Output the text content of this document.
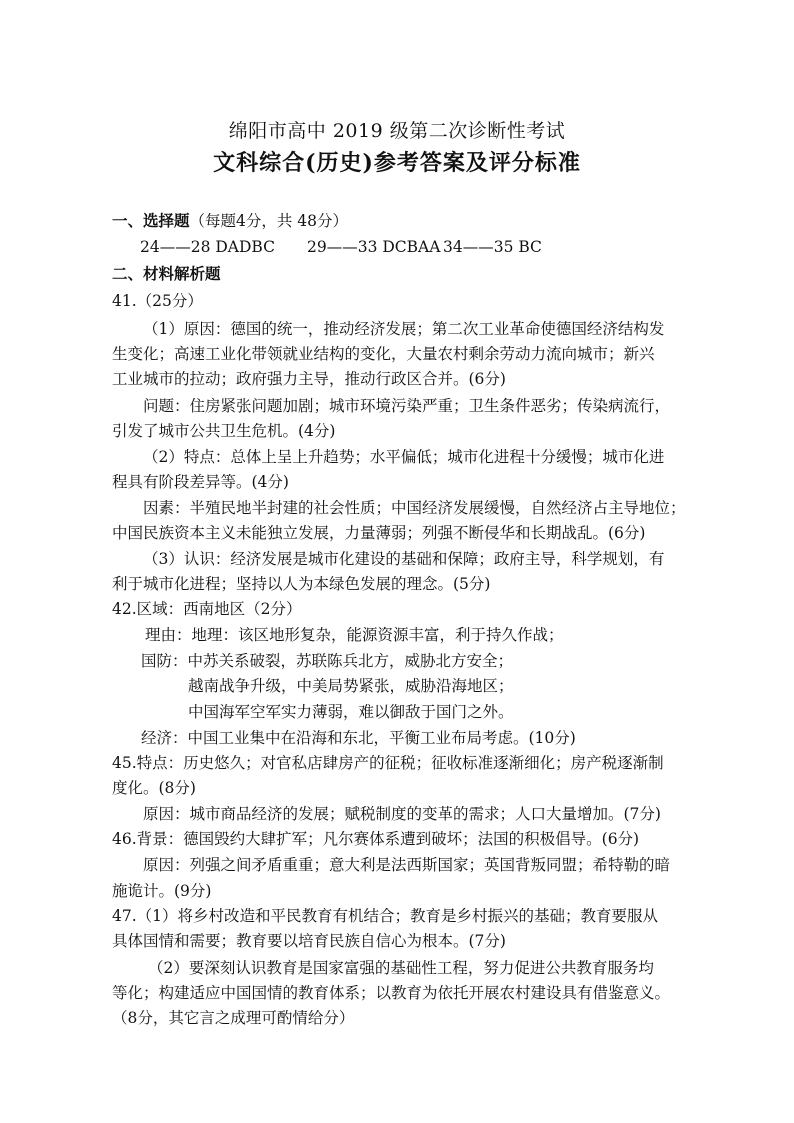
绵阳市高中 2019 级第二次诊断性考试
文科综合(历史)参考答案及评分标准
一、选择题（每题4分，共 48分）
24——28 DADBC 29——33 DCBAA 34——35 BC
二、材料解析题
41.（25分）
（1）原因：德国的统一，推动经济发展；第二次工业革命使德国经济结构发
生变化；高速工业化带领就业结构的变化，大量农村剩余劳动力流向城市；新兴
工业城市的拉动；政府强力主导，推动行政区合并。(6分)
问题：住房紧张问题加剧；城市环境污染严重；卫生条件恶劣；传染病流行，
引发了城市公共卫生危机。(4分)
（2）特点：总体上呈上升趋势；水平偏低；城市化进程十分缓慢；城市化进
程具有阶段差异等。(4分)
因素：半殖民地半封建的社会性质；中国经济发展缓慢，自然经济占主导地位；
中国民族资本主义未能独立发展，力量薄弱；列强不断侵华和长期战乱。(6分)
（3）认识：经济发展是城市化建设的基础和保障；政府主导，科学规划，有
利于城市化进程；坚持以人为本绿色发展的理念。(5分)
42.区域：西南地区（2分）
理由：地理：该区地形复杂，能源资源丰富，利于持久作战；
国防：中苏关系破裂，苏联陈兵北方，威胁北方安全；
越南战争升级，中美局势紧张，威胁沿海地区；
中国海军空军实力薄弱，难以御敌于国门之外。
经济：中国工业集中在沿海和东北，平衡工业布局考虑。(10分)
45.特点：历史悠久；对官私店肆房产的征税；征收标准逐渐细化；房产税逐渐制
度化。(8分)
原因：城市商品经济的发展；赋税制度的变革的需求；人口大量增加。(7分)
46.背景：德国毁约大肆扩军；凡尔赛体系遭到破坏；法国的积极倡导。(6分)
原因：列强之间矛盾重重；意大利是法西斯国家；英国背叛同盟；希特勒的暗
施诡计。(9分)
47.（1）将乡村改造和平民教育有机结合；教育是乡村振兴的基础；教育要服从
具体国情和需要；教育要以培育民族自信心为根本。(7分)
（2）要深刻认识教育是国家富强的基础性工程，努力促进公共教育服务均
等化；构建适应中国国情的教育体系；以教育为依托开展农村建设具有借鉴意义。
（8分，其它言之成理可酌情给分）
